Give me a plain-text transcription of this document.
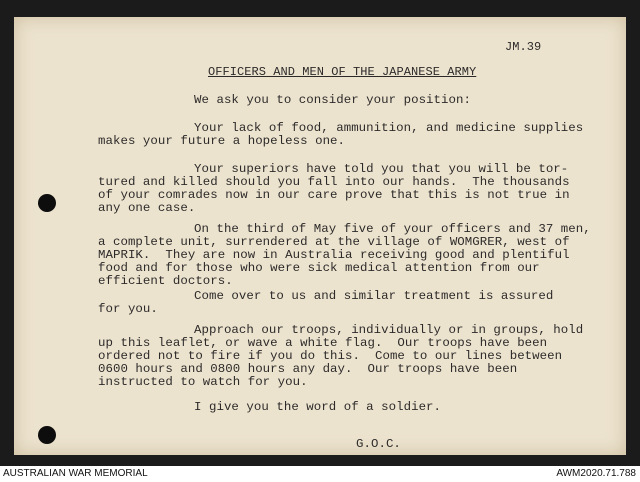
JM.39
OFFICERS AND MEN OF THE JAPANESE ARMY
We ask you to consider your position:
Your lack of food, ammunition, and medicine supplies
makes your future a hopeless one.
Your superiors have told you that you will be tor-
tured and killed should you fall into our hands.  The thousands
of your comrades now in our care prove that this is not true in
any one case.
On the third of May five of your officers and 37 men,
a complete unit, surrendered at the village of WOMGRER, west of
MAPRIK.  They are now in Australia receiving good and plentiful
food and for those who were sick medical attention from our
efficient doctors.
Come over to us and similar treatment is assured
for you.
Approach our troops, individually or in groups, hold
up this leaflet, or wave a white flag.  Our troops have been
ordered not to fire if you do this.  Come to our lines between
0600 hours and 0800 hours any day.  Our troops have been
instructed to watch for you.
I give you the word of a soldier.
G.O.C.
AUSTRALIAN WAR MEMORIAL	AWM2020.71.788
